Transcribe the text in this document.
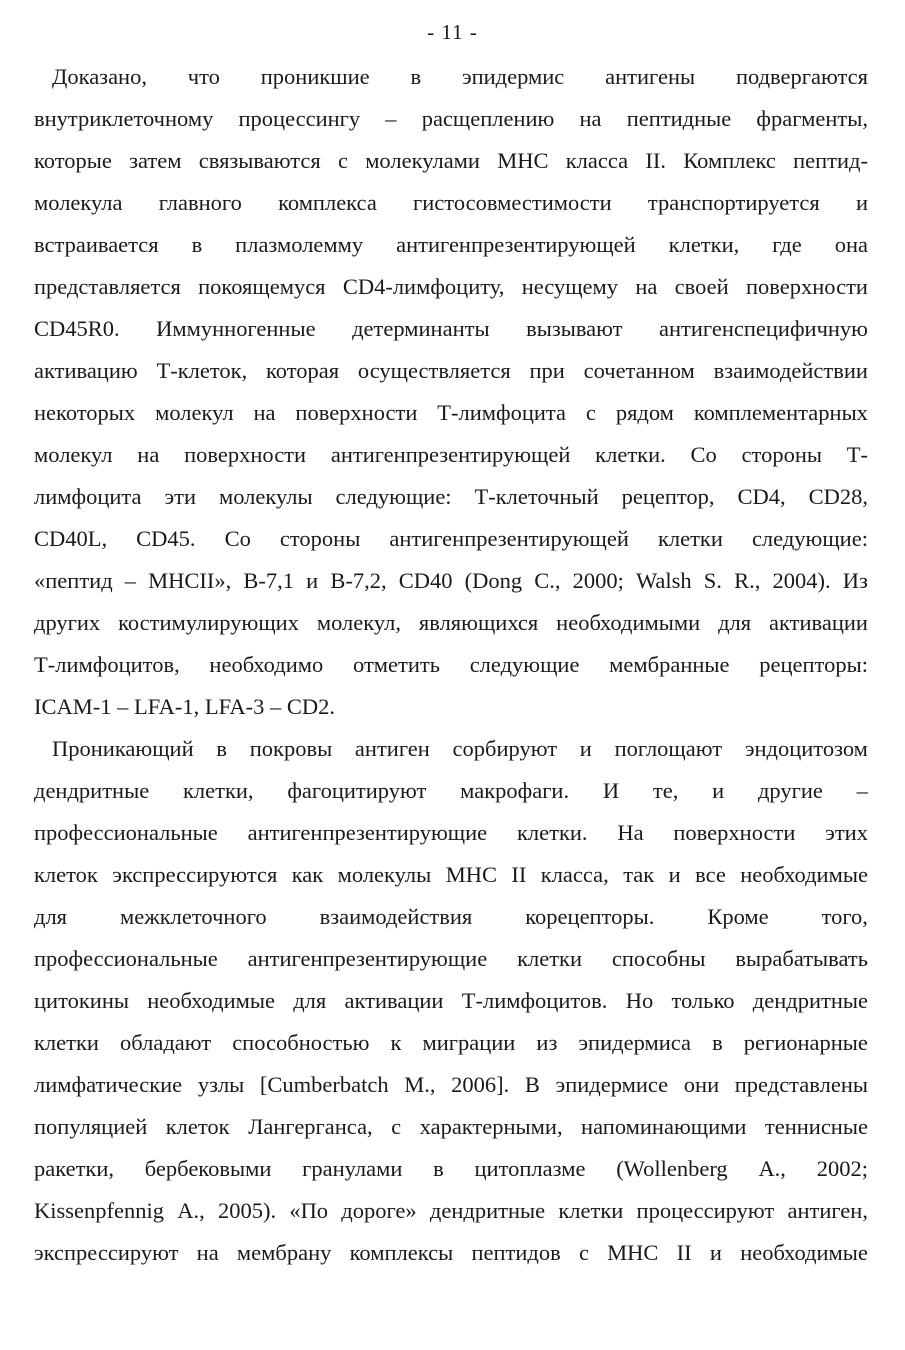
- 11 -
Доказано, что проникшие в эпидермис антигены подвергаются
внутриклеточному процессингу – расщеплению на пептидные фрагменты,
которые затем связываются с молекулами MHC класса II. Комплекс пептид-
молекула главного комплекса гистосовместимости транспортируется и
встраивается в плазмолемму антигенпрезентирующей клетки, где она
представляется покоящемуся CD4-лимфоциту, несущему на своей поверхности
CD45R0. Иммунногенные детерминанты вызывают антигенспецифичную
активацию Т-клеток, которая осуществляется при сочетанном взаимодействии
некоторых молекул на поверхности Т-лимфоцита с рядом комплементарных
молекул на поверхности антигенпрезентирующей клетки. Со стороны Т-
лимфоцита эти молекулы следующие: Т-клеточный рецептор, CD4, CD28,
CD40L, CD45. Со стороны антигенпрезентирующей клетки следующие:
«пептид – MHCII», B-7,1 и B-7,2, CD40 (Dong C., 2000; Walsh S. R., 2004). Из
других костимулирующих молекул, являющихся необходимыми для активации
Т-лимфоцитов, необходимо отметить следующие мембранные рецепторы:
ICAM-1 – LFA-1, LFA-3 – CD2.
Проникающий в покровы антиген сорбируют и поглощают эндоцитозом
дендритные клетки, фагоцитируют макрофаги. И те, и другие –
профессиональные антигенпрезентирующие клетки. На поверхности этих
клеток экспрессируются как молекулы MHC II класса, так и все необходимые
для межклеточного взаимодействия корецепторы. Кроме того,
профессиональные антигенпрезентирующие клетки способны вырабатывать
цитокины необходимые для активации Т-лимфоцитов. Но только дендритные
клетки обладают способностью к миграции из эпидермиса в регионарные
лимфатические узлы [Cumberbatch M., 2006]. В эпидермисе они представлены
популяцией клеток Лангерганса, с характерными, напоминающими теннисные
ракетки, бербековыми гранулами в цитоплазме (Wollenberg A., 2002;
Kissenpfennig A., 2005). «По дороге» дендритные клетки процессируют антиген,
экспрессируют на мембрану комплексы пептидов с MHC II и необходимые
